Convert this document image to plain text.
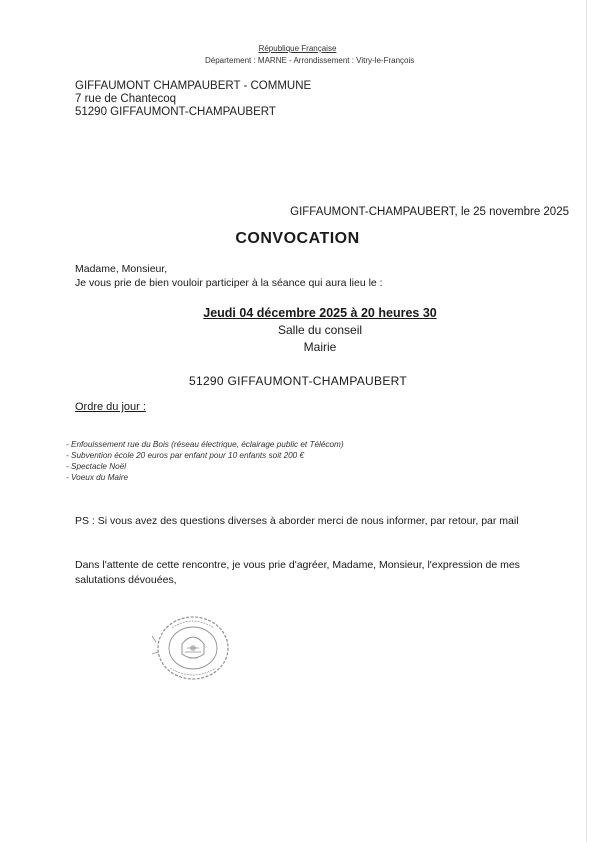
République Française
Département : MARNE - Arrondissement : Vitry-le-François
GIFFAUMONT CHAMPAUBERT - COMMUNE
7 rue de Chantecoq
51290 GIFFAUMONT-CHAMPAUBERT
GIFFAUMONT-CHAMPAUBERT, le 25 novembre 2025
CONVOCATION
Madame, Monsieur,
Je vous prie de bien vouloir participer à la séance qui aura lieu le :
Jeudi 04 décembre 2025 à 20 heures 30
Salle du conseil
Mairie
51290 GIFFAUMONT-CHAMPAUBERT
Ordre du jour :
- Enfouissement rue du Bois (réseau électrique, éclairage public et Télécom)
- Subvention école 20 euros par enfant pour 10 enfants soit 200 €
- Spectacle Noël
- Voeux du Maire
PS : Si vous avez des questions diverses à aborder merci de nous informer, par retour, par mail
Dans l'attente de cette rencontre, je vous prie d'agréer, Madame, Monsieur, l'expression de mes
salutations dévouées,
